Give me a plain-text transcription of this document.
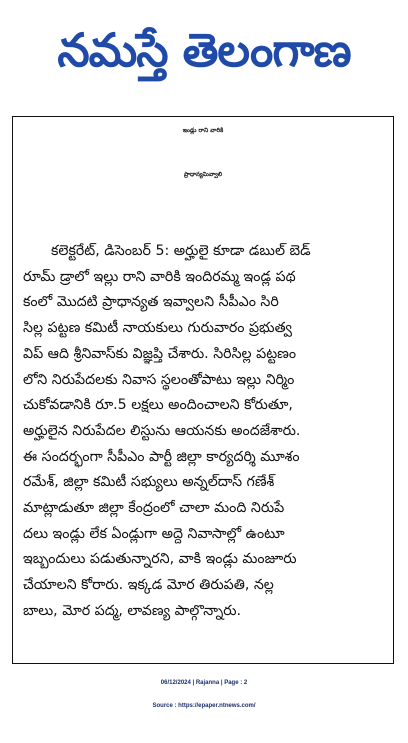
నమస్తే తెలంగాణ
ఇండ్లు రాని వారికి
ప్రాధాన్యమివ్వాలి
కలెక్టరేట్, డిసెంబర్ 5: అర్హులై కూడా డబుల్ బెడ్
రూమ్ డ్రాలో ఇల్లు రాని వారికి ఇందిరమ్మ ఇండ్ల పథ
కంలో మొదటి ప్రాధాన్యత ఇవ్వాలని సీపీఎం సిరి
సిల్ల పట్టణ కమిటీ నాయకులు గురువారం ప్రభుత్వ
విప్ ఆది శ్రీనివాస్‌కు విజ్ఞప్తి చేశారు. సిరిసిల్ల పట్టణం
లోని నిరుపేదలకు నివాస స్థలంతోపాటు ఇల్లు నిర్మిం
చుకోవడానికి రూ.5 లక్షలు అందించాలని కోరుతూ,
అర్హులైన నిరుపేదల లిస్టును ఆయనకు అందజేశారు.
ఈ సందర్భంగా సీపీఎం పార్టీ జిల్లా కార్యదర్శి మూశం
రమేశ్, జిల్లా కమిటీ సభ్యులు అన్నల్‌దాస్ గణేశ్
మాట్లాడుతూ జిల్లా కేంద్రంలో చాలా మంది నిరుపే
దలు ఇండ్లు లేక ఏండ్లుగా అద్దె నివాసాల్లో ఉంటూ
ఇబ్బందులు పడుతున్నారని, వాకి ఇండ్లు మంజూరు
చేయాలని కోరారు. ఇక్కడ మోర తిరుపతి, నల్ల
బాలు, మోర పద్మ, లావణ్య పాల్గొన్నారు.
06/12/2024 | Rajanna | Page : 2
Source : https://epaper.ntnews.com/
